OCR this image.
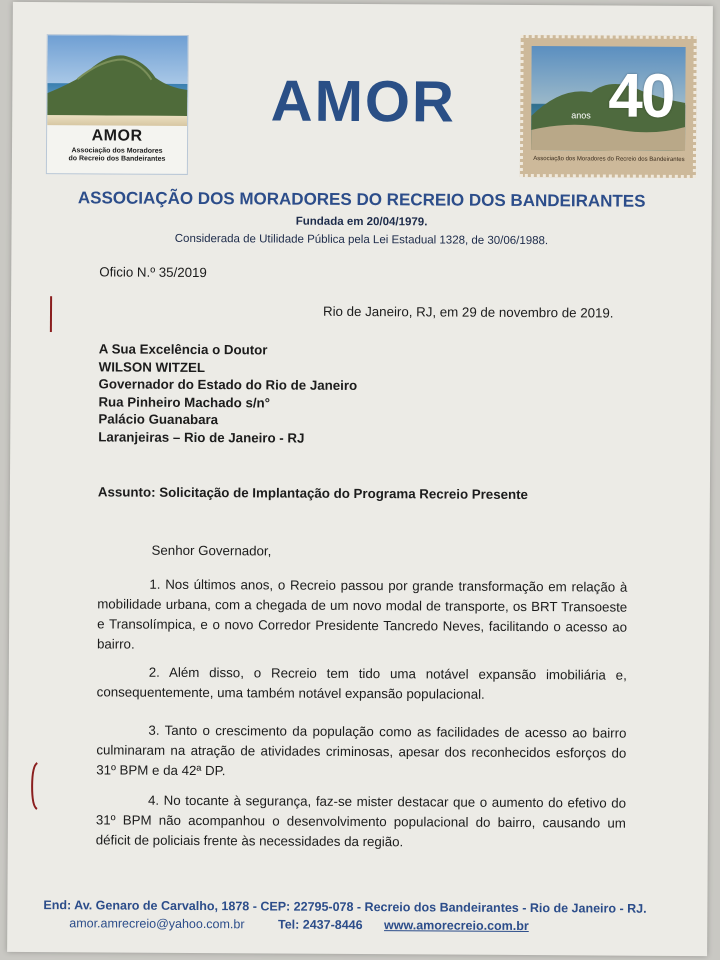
AMOR
Associação dos Moradores
do Recreio dos Bandeirantes
AMOR	40
anos
Associação dos Moradores do Recreio dos Bandeirantes
ASSOCIAÇÃO DOS MORADORES DO RECREIO DOS BANDEIRANTES
Fundada em 20/04/1979.
Considerada de Utilidade Pública pela Lei Estadual 1328, de 30/06/1988.
Oficio N.º 35/2019
Rio de Janeiro, RJ, em 29 de novembro de 2019.
A Sua Excelência o Doutor
WILSON WITZEL
Governador do Estado do Rio de Janeiro
Rua Pinheiro Machado s/n°
Palácio Guanabara
Laranjeiras – Rio de Janeiro - RJ
Assunto: Solicitação de Implantação do Programa Recreio Presente
Senhor Governador,
1. Nos últimos anos, o Recreio passou por grande transformação em relação à mobilidade urbana, com a chegada de um novo modal de transporte, os BRT Transoeste e Transolímpica, e o novo Corredor Presidente Tancredo Neves, facilitando o acesso ao bairro.
2. Além disso, o Recreio tem tido uma notável expansão imobiliária e, consequentemente, uma também notável expansão populacional.
3. Tanto o crescimento da população como as facilidades de acesso ao bairro culminaram na atração de atividades criminosas, apesar dos reconhecidos esforços do 31º BPM e da 42ª DP.
4. No tocante à segurança, faz-se mister destacar que o aumento do efetivo do 31º BPM não acompanhou o desenvolvimento populacional do bairro, causando um déficit de policiais frente às necessidades da região.
End: Av. Genaro de Carvalho, 1878 - CEP: 22795-078 - Recreio dos Bandeirantes - Rio de Janeiro - RJ.
amor.amrecreio@yahoo.com.br	Tel: 2437-8446 www.amorecreio.com.br
